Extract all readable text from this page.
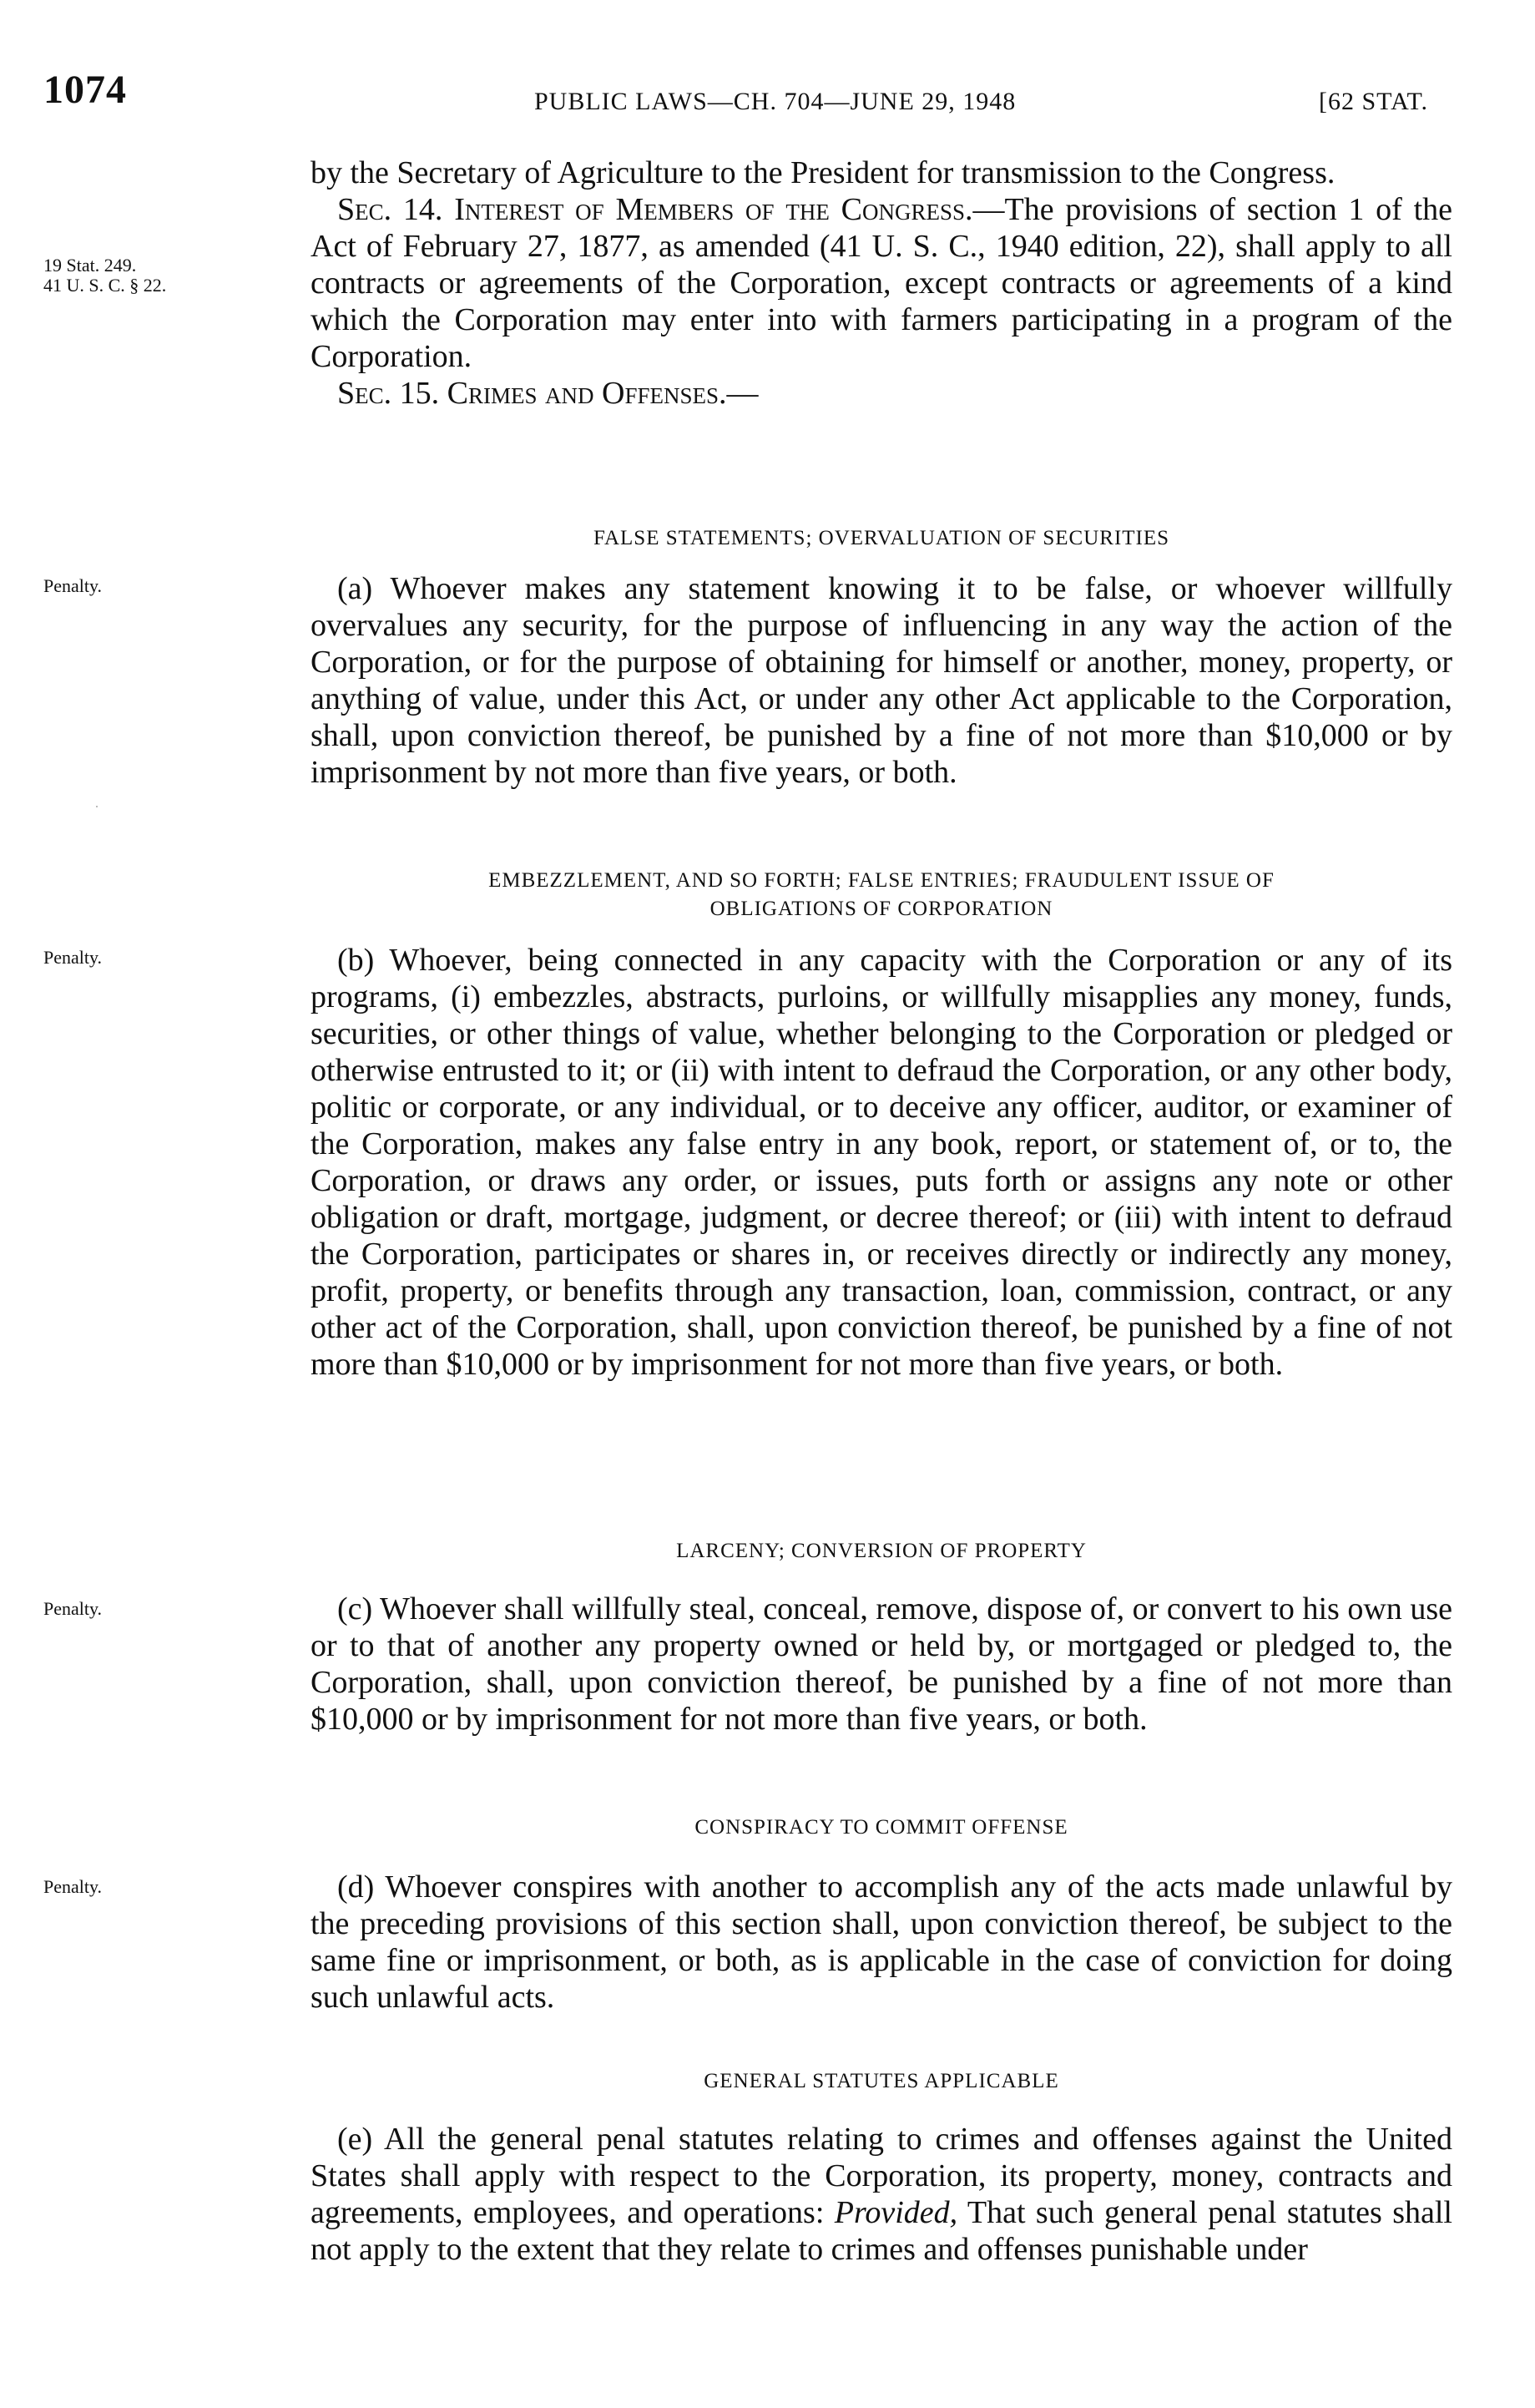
1074	PUBLIC LAWS—CH. 704—JUNE 29, 1948	[62 STAT.
19 Stat. 249.
41 U. S. C. § 22.
Penalty.
Penalty.
Penalty.
Penalty.

by the Secretary of Agriculture to the President for transmission to the Congress.

Sec. 14. Interest of Members of the Congress.—The provisions of section 1 of the Act of February 27, 1877, as amended (41 U. S. C., 1940 edition, 22), shall apply to all contracts or agreements of the Corporation, except contracts or agreements of a kind which the Corporation may enter into with farmers participating in a program of the Corporation.

Sec. 15. Crimes and Offenses.—

FALSE STATEMENTS; OVERVALUATION OF SECURITIES

(a) Whoever makes any statement knowing it to be false, or whoever willfully overvalues any security, for the purpose of influencing in any way the action of the Corporation, or for the purpose of obtaining for himself or another, money, property, or anything of value, under this Act, or under any other Act applicable to the Corporation, shall, upon conviction thereof, be punished by a fine of not more than $10,000 or by imprisonment by not more than five years, or both.

EMBEZZLEMENT, AND SO FORTH; FALSE ENTRIES; FRAUDULENT ISSUE OF
OBLIGATIONS OF CORPORATION

(b) Whoever, being connected in any capacity with the Corporation or any of its programs, (i) embezzles, abstracts, purloins, or willfully misapplies any money, funds, securities, or other things of value, whether belonging to the Corporation or pledged or otherwise entrusted to it; or (ii) with intent to defraud the Corporation, or any other body, politic or corporate, or any individual, or to deceive any officer, auditor, or examiner of the Corporation, makes any false entry in any book, report, or statement of, or to, the Corporation, or draws any order, or issues, puts forth or assigns any note or other obligation or draft, mortgage, judgment, or decree thereof; or (iii) with intent to defraud the Corporation, participates or shares in, or receives directly or indirectly any money, profit, property, or benefits through any transaction, loan, commission, contract, or any other act of the Corporation, shall, upon conviction thereof, be punished by a fine of not more than $10,000 or by imprisonment for not more than five years, or both.

LARCENY; CONVERSION OF PROPERTY

(c) Whoever shall willfully steal, conceal, remove, dispose of, or convert to his own use or to that of another any property owned or held by, or mortgaged or pledged to, the Corporation, shall, upon conviction thereof, be punished by a fine of not more than $10,000 or by imprisonment for not more than five years, or both.

CONSPIRACY TO COMMIT OFFENSE

(d) Whoever conspires with another to accomplish any of the acts made unlawful by the preceding provisions of this section shall, upon conviction thereof, be subject to the same fine or imprisonment, or both, as is applicable in the case of conviction for doing such unlawful acts.

GENERAL STATUTES APPLICABLE

(e) All the general penal statutes relating to crimes and offenses against the United States shall apply with respect to the Corporation, its property, money, contracts and agreements, employees, and operations: Provided, That such general penal statutes shall not apply to the extent that they relate to crimes and offenses punishable under
